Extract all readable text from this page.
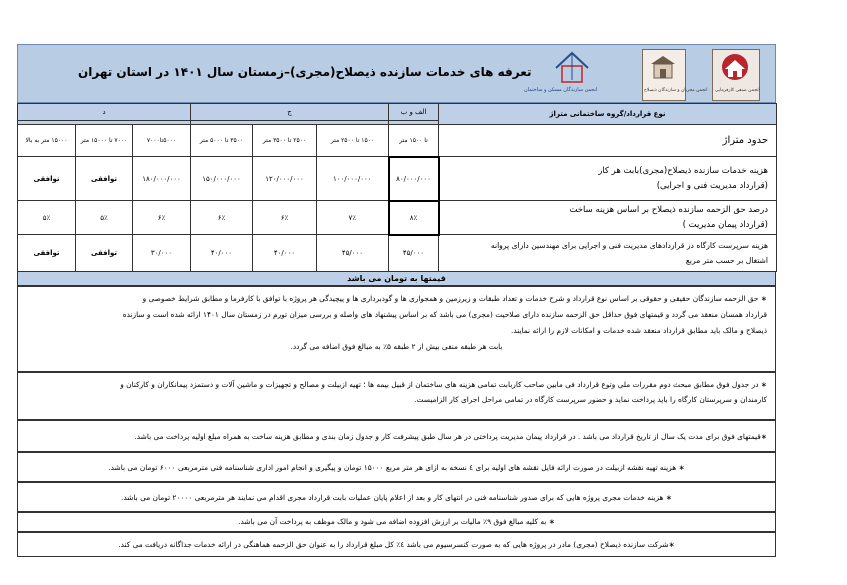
تعرفه های خدمات سازنده ذیصلاح(مجری)–زمستان سال ۱۴۰۱ در استان تهران
انجمن سازندگان مسکن و ساختمان	انجمن مجریان و سازندگان ذیصلاح انجمن صنفی کارفرمایی
نوع قرارداد/گروه ساختمانی متراژ	الف و ب	ج			د		

حدود متراژ	تا ۱۵۰۰ متر	۱۵۰۰ تا ۲۵۰۰ متر	۲۵۰۰ تا ۳۵۰۰ متر	۳۵۰۰ تا ۵۰۰۰ متر	۵۰۰۰تا۷۰۰۰	۷۰۰۰ تا ۱۵۰۰۰ متر	۱۵۰۰۰ متر به بالا

هزینه خدمات سازنده ذیصلاح(مجری)بابت هر کار
(قرارداد مدیریت فنی و اجرایی)	۸۰/۰۰۰/۰۰۰	۱۰۰/۰۰۰/۰۰۰	۱۲۰/۰۰۰/۰۰۰	۱۵۰/۰۰۰/۰۰۰	۱۸۰/۰۰۰/۰۰۰	توافقی	توافقی

درصد حق الزحمه سازنده ذیصلاح بر اساس هزینه ساخت
(قرارداد پیمان مدیریت )	۸٪	۷٪	۶٪	۶٪	۶٪	۵٪	۵٪

هزینه سرپرست کارگاه در قراردادهای مدیریت فنی و اجرایی برای مهندسین دارای پروانه
اشتغال بر حسب متر مربع	۴۵/۰۰۰	۴۵/۰۰۰	۴۰/۰۰۰	۴۰/۰۰۰	۳۰/۰۰۰	توافقی	توافقی
قیمتها به تومان می باشد
∗ حق الزحمه سازندگان حقیقی و حقوقی بر اساس نوع قرارداد و شرح خدمات و تعداد طبقات و زیرزمین و همجواری ها و گودبرداری ها و پیچیدگی هر پروژه با توافق با کارفرما و مطابق شرایط خصوصی و
قرارداد همسان منعقد می گردد و قیمتهای فوق حداقل حق الزحمه سازنده دارای صلاحیت (مجری) می باشد که بر اساس پیشنهاد های واصله و بررسی میزان تورم در زمستان سال ۱۴۰۱ ارائه شده است و سازنده
ذیصلاح و مالک باید مطابق قرارداد منعقد شده خدمات و امکانات لازم را ارائه نمایند.
بابت هر طبقه منفی بیش از ۲ طبقه ۵٪ به مبالغ فوق اضافه می گردد.
∗ در جدول فوق مطابق مبحث دوم مقررات ملی وتوع قرارداد فی مابین صاحب کاربابت تمامی هزینه های ساختمان از قبیل بیمه ها ؛ تهیه ازبیلت و مصالح و تجهیزات و ماشین آلات و دستمزد پیمانکاران و کارکنان و
کارمندان و سرپرستان کارگاه را باید پرداخت نماید و حضور سرپرست کارگاه در تمامی مراحل اجرای کار الزامیست.
∗قیمتهای فوق برای مدت یک سال از تاریخ قرارداد می باشد . در قرارداد پیمان مدیریت پرداختی در هر سال طبق پیشرفت کار و جدول زمان بندی و مطابق هزینه ساخت به همراه مبلغ اولیه پرداخت می باشد.
∗ هزینه تهیه نقشه ازبیلت در صورت ارائه فایل نقشه های اولیه برای ٤ نسخه به ازای هر متر مربع ۱۵۰۰۰ تومان و پیگیری و انجام امور اداری شناسنامه فنی مترمربعی ۶۰۰۰ تومان می باشد.
∗ هزینه خدمات مجری پروژه هایی که برای صدور شناسنامه فنی در انتهای کار و بعد از اعلام پایان عملیات بابت قرارداد مجری اقدام می نمایند هر مترمربعی ۲۰۰۰۰ تومان می باشد.
∗ به کلیه مبالغ فوق ۹٪ مالیات بر ارزش افزوده اضافه می شود و مالک موظف به پرداخت آن می باشد.
∗شرکت سازنده ذیصلاح (مجری) مادر در پروژه هایی که به صورت کنسرسیوم می باشد ٤٪ کل مبلغ قرارداد را به عنوان حق الزحمه هماهنگی در ارائه خدمات جداگانه دریافت می کند.
